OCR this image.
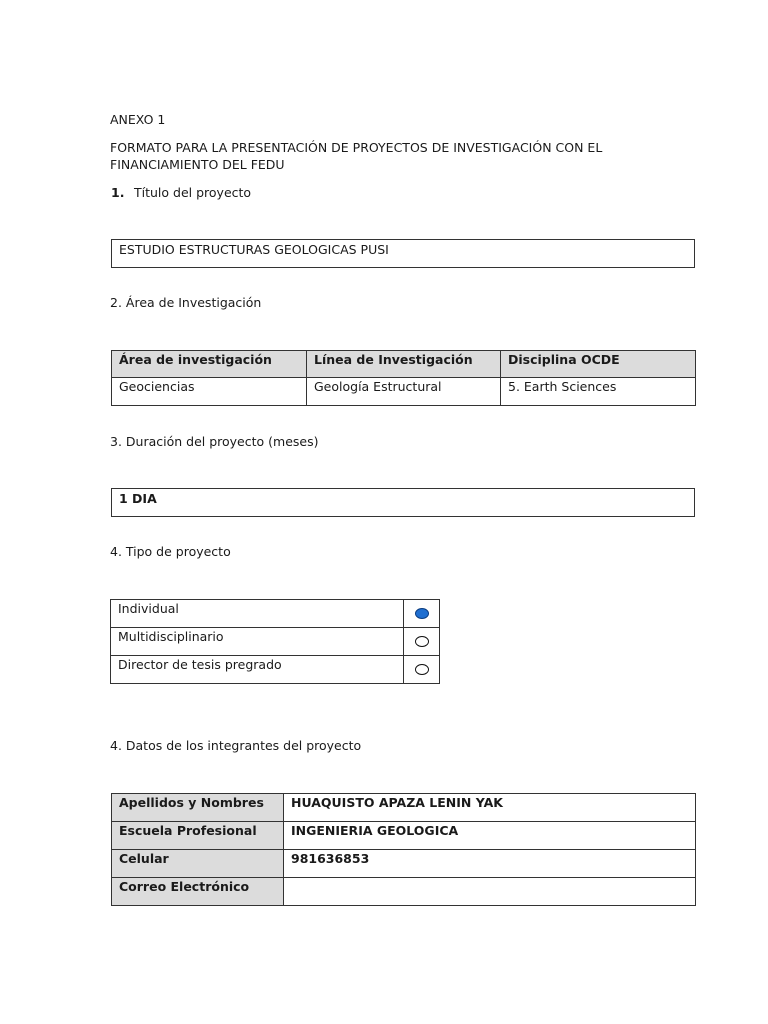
ANEXO 1
FORMATO PARA LA PRESENTACIÓN DE PROYECTOS DE INVESTIGACIÓN CON EL
FINANCIAMIENTO DEL FEDU
1. Título del proyecto
ESTUDIO ESTRUCTURAS GEOLOGICAS PUSI
2. Área de Investigación
Área de investigación	Línea de Investigación	Disciplina OCDE
Geociencias	Geología Estructural	5. Earth Sciences
3. Duración del proyecto (meses)
1 DIA
4. Tipo de proyecto
Individual	
Multidisciplinario	
Director de tesis pregrado	
4. Datos de los integrantes del proyecto
Apellidos y Nombres	HUAQUISTO APAZA LENIN YAK
Escuela Profesional	INGENIERIA GEOLOGICA
Celular	981636853
Correo Electrónico	
